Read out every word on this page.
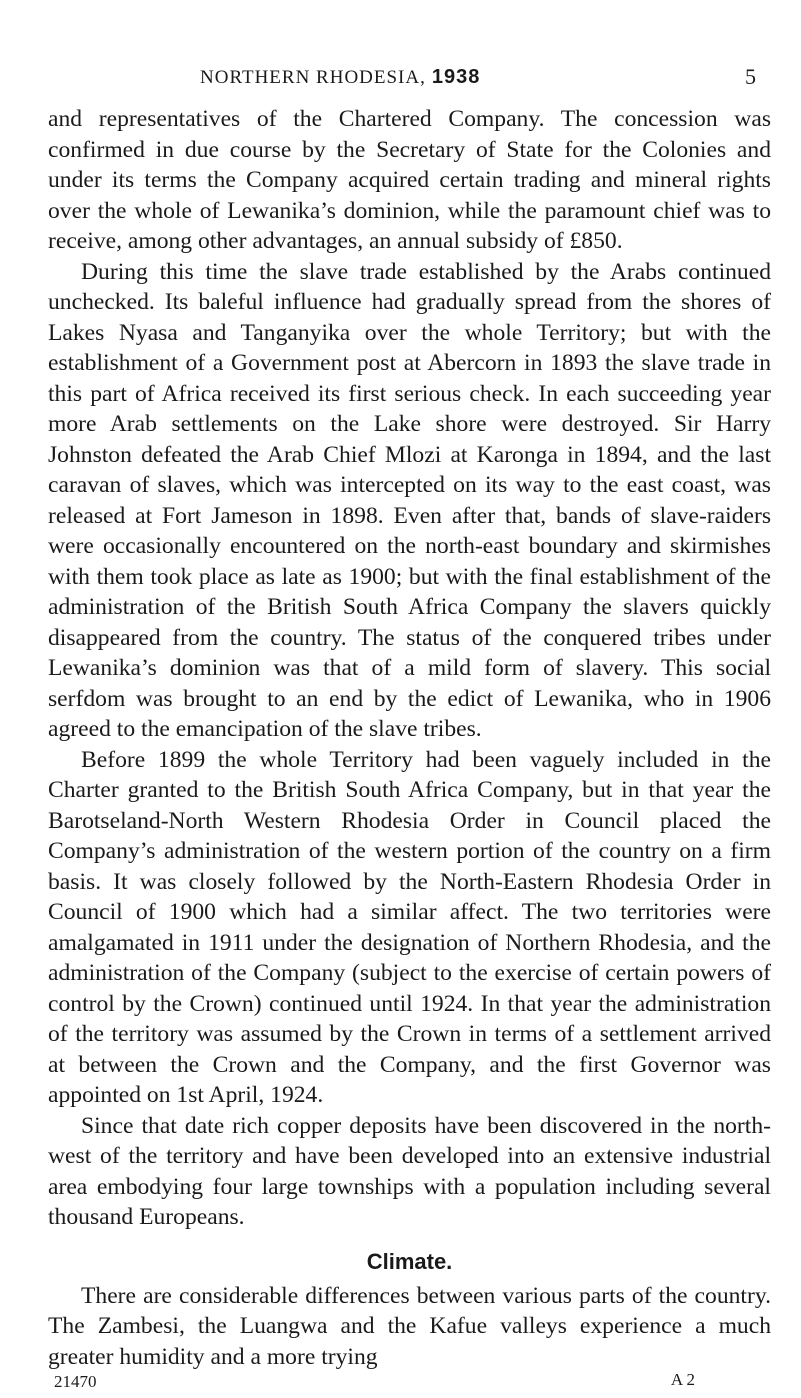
NORTHERN RHODESIA, 1938	5

and representatives of the Chartered Company. The concession was confirmed in due course by the Secretary of State for the Colonies and under its terms the Company acquired certain trading and mineral rights over the whole of Lewanika’s dominion, while the paramount chief was to receive, among other advantages, an annual subsidy of £850.

During this time the slave trade established by the Arabs continued unchecked. Its baleful influence had gradually spread from the shores of Lakes Nyasa and Tanganyika over the whole Territory; but with the establishment of a Government post at Abercorn in 1893 the slave trade in this part of Africa received its first serious check. In each succeeding year more Arab settlements on the Lake shore were destroyed. Sir Harry Johnston defeated the Arab Chief Mlozi at Karonga in 1894, and the last caravan of slaves, which was intercepted on its way to the east coast, was released at Fort Jameson in 1898. Even after that, bands of slave-raiders were occasionally encountered on the north-east boundary and skirmishes with them took place as late as 1900; but with the final establishment of the administration of the British South Africa Company the slavers quickly disappeared from the country. The status of the conquered tribes under Lewanika’s dominion was that of a mild form of slavery. This social serfdom was brought to an end by the edict of Lewanika, who in 1906 agreed to the emancipation of the slave tribes.

Before 1899 the whole Territory had been vaguely included in the Charter granted to the British South Africa Company, but in that year the Barotseland-North Western Rhodesia Order in Council placed the Company’s administration of the western portion of the country on a firm basis. It was closely followed by the North-Eastern Rhodesia Order in Council of 1900 which had a similar affect. The two territories were amalgamated in 1911 under the designation of Northern Rhodesia, and the administration of the Company (subject to the exercise of certain powers of control by the Crown) continued until 1924. In that year the administration of the territory was assumed by the Crown in terms of a settlement arrived at between the Crown and the Company, and the first Governor was appointed on 1st April, 1924.

Since that date rich copper deposits have been discovered in the north-west of the territory and have been developed into an extensive industrial area embodying four large townships with a population including several thousand Europeans.

Climate.

There are considerable differences between various parts of the country. The Zambesi, the Luangwa and the Kafue valleys experience a much greater humidity and a more trying

21470	A 2
